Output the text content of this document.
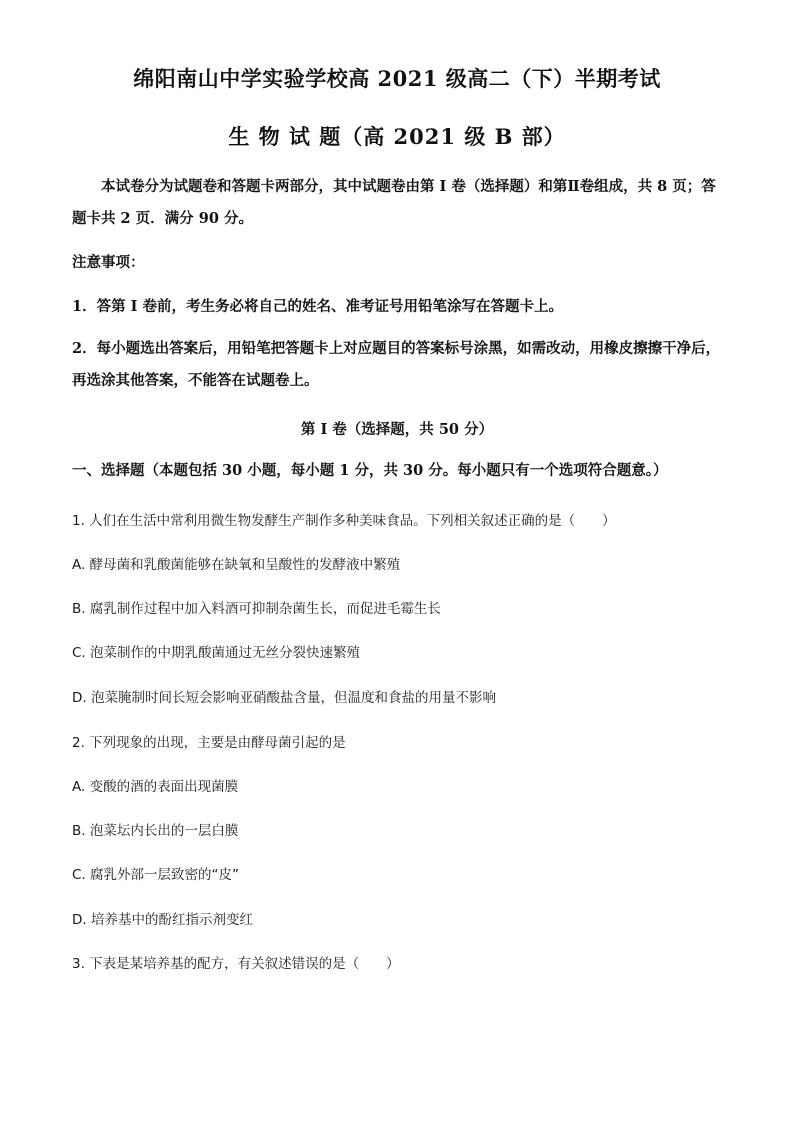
绵阳南山中学实验学校高 2021 级高二（下）半期考试
生 物 试 题（高 2021 级 B 部）
本试卷分为试题卷和答题卡两部分，其中试题卷由第 I 卷（选择题）和第Ⅱ卷组成，共 8 页；答题卡共 2 页．满分 90 分。
注意事项：
1．答第 I 卷前，考生务必将自己的姓名、准考证号用铅笔涂写在答题卡上。
2．每小题选出答案后，用铅笔把答题卡上对应题目的答案标号涂黑，如需改动，用橡皮擦擦干净后，再选涂其他答案，不能答在试题卷上。
第 I 卷（选择题，共 50 分）
一、选择题（本题包括 30 小题，每小题 1 分，共 30 分。每小题只有一个选项符合题意。）
1. 人们在生活中常利用微生物发酵生产制作多种美味食品。下列相关叙述正确的是（　　）
A. 酵母菌和乳酸菌能够在缺氧和呈酸性的发酵液中繁殖
B. 腐乳制作过程中加入料酒可抑制杂菌生长，而促进毛霉生长
C. 泡菜制作的中期乳酸菌通过无丝分裂快速繁殖
D. 泡菜腌制时间长短会影响亚硝酸盐含量，但温度和食盐的用量不影响
2. 下列现象的出现，主要是由酵母菌引起的是
A. 变酸的酒的表面出现菌膜
B. 泡菜坛内长出的一层白膜
C. 腐乳外部一层致密的“皮”
D. 培养基中的酚红指示剂变红
3. 下表是某培养基的配方，有关叙述错误的是（　　）
